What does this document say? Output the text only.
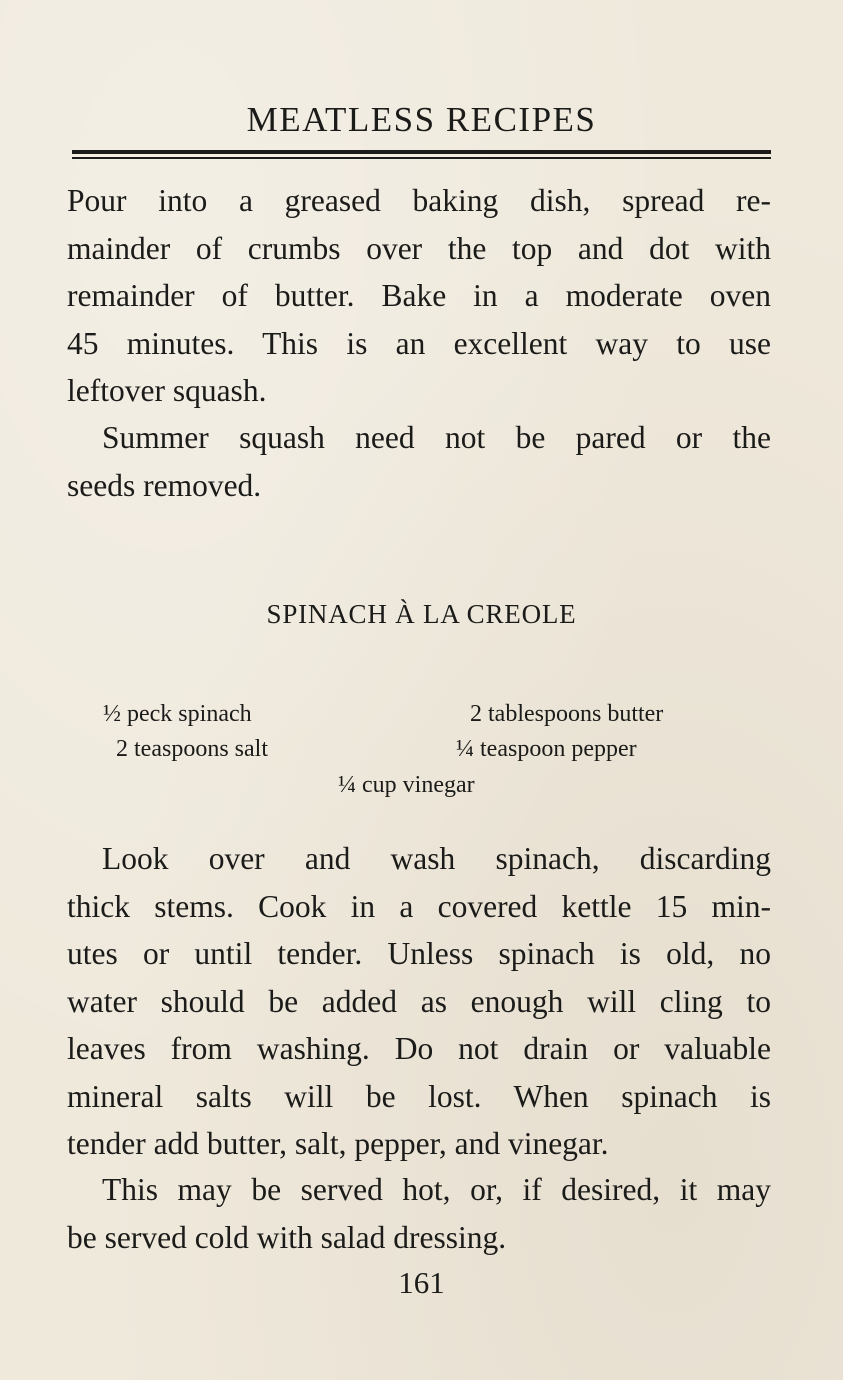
MEATLESS RECIPES
Pour into a greased baking dish, spread re-
mainder of crumbs over the top and dot with
remainder of butter. Bake in a moderate oven
45 minutes. This is an excellent way to use
leftover squash.
Summer squash need not be pared or the
seeds removed.
SPINACH À LA CREOLE
½ peck spinach	2 tablespoons butter
2 teaspoons salt	¼ teaspoon pepper
¼ cup vinegar
Look over and wash spinach, discarding
thick stems. Cook in a covered kettle 15 min-
utes or until tender. Unless spinach is old, no
water should be added as enough will cling to
leaves from washing. Do not drain or valuable
mineral salts will be lost. When spinach is
tender add butter, salt, pepper, and vinegar.
This may be served hot, or, if desired, it may
be served cold with salad dressing.
161
